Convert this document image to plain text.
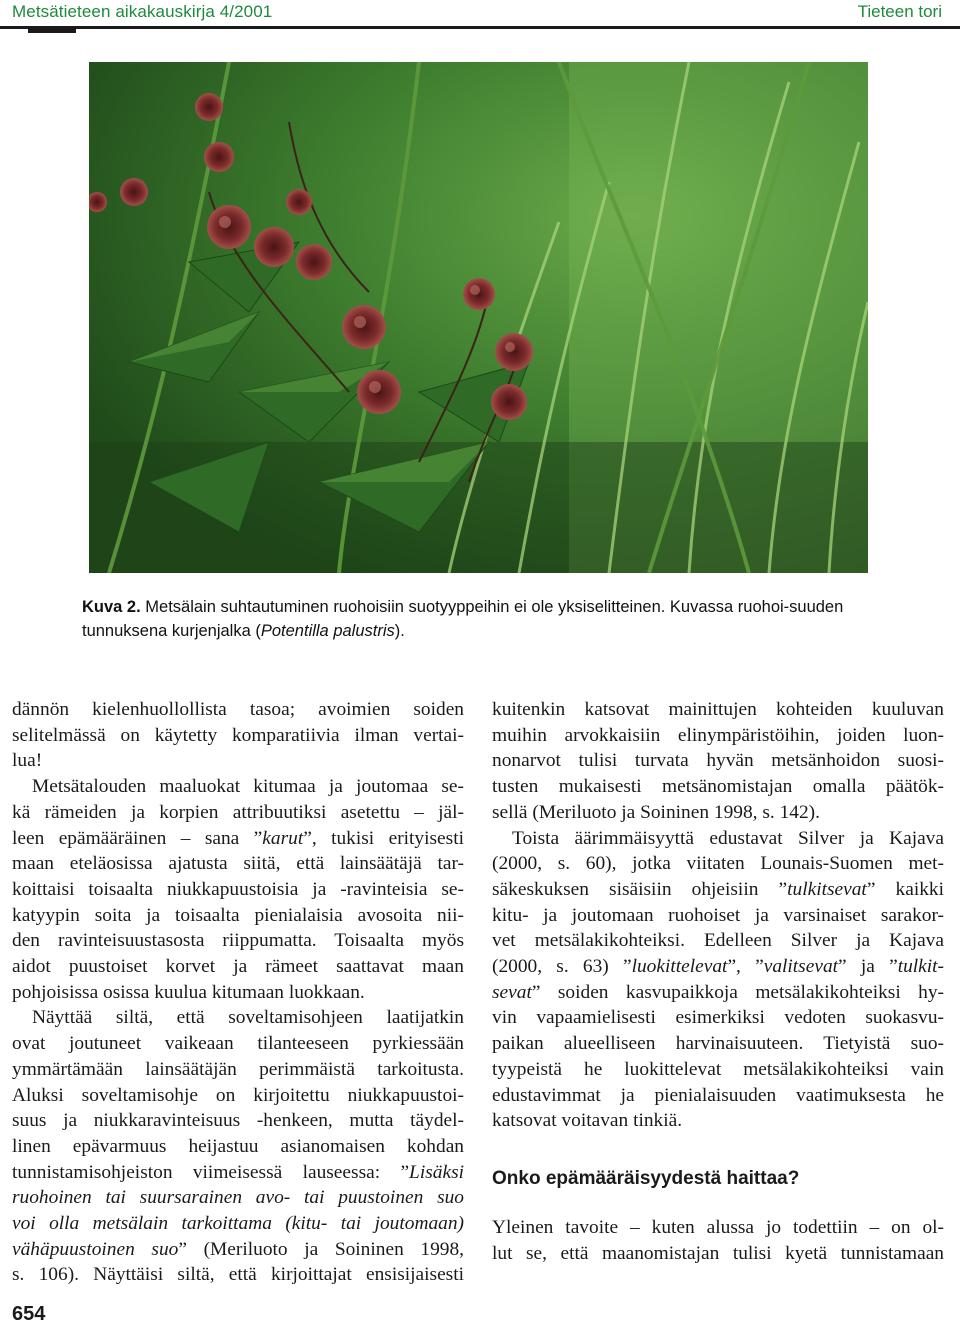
Metsätieteen aikakauskirja 4/2001	Tieteen tori
Kuva 2. Metsälain suhtautuminen ruohoisiin suotyyppeihin ei ole yksiselitteinen. Kuvassa ruohoi-suuden tunnuksena kurjenjalka (Potentilla palustris).
dännön kielenhuollollista tasoa; avoimien soiden
selitelmässä on käytetty komparatiivia ilman vertai-
lua!
Metsätalouden maaluokat kitumaa ja joutomaa se-
kä rämeiden ja korpien attribuutiksi asetettu – jäl-
leen epämääräinen – sana ”karut”, tukisi erityisesti
maan eteläosissa ajatusta siitä, että lainsäätäjä tar-
koittaisi toisaalta niukkapuustoisia ja -ravinteisia se-
katyypin soita ja toisaalta pienialaisia avosoita nii-
den ravinteisuustasosta riippumatta. Toisaalta myös
aidot puustoiset korvet ja rämeet saattavat maan
pohjoisissa osissa kuulua kitumaan luokkaan.
Näyttää siltä, että soveltamisohjeen laatijatkin
ovat joutuneet vaikeaan tilanteeseen pyrkiessään
ymmärtämään lainsäätäjän perimmäistä tarkoitusta.
Aluksi soveltamisohje on kirjoitettu niukkapuustoi-
suus ja niukkaravinteisuus -henkeen, mutta täydel-
linen epävarmuus heijastuu asianomaisen kohdan
tunnistamisohjeiston viimeisessä lauseessa: ”Lisäksi
ruohoinen tai suursarainen avo- tai puustoinen suo
voi olla metsälain tarkoittama (kitu- tai joutomaan)
vähäpuustoinen suo” (Meriluoto ja Soininen 1998,
s. 106). Näyttäisi siltä, että kirjoittajat ensisijaisesti
kuitenkin katsovat mainittujen kohteiden kuuluvan
muihin arvokkaisiin elinympäristöihin, joiden luon-
nonarvot tulisi turvata hyvän metsänhoidon suosi-
tusten mukaisesti metsänomistajan omalla päätök-
sellä (Meriluoto ja Soininen 1998, s. 142).
Toista äärimmäisyyttä edustavat Silver ja Kajava
(2000, s. 60), jotka viitaten Lounais-Suomen met-
säkeskuksen sisäisiin ohjeisiin ”tulkitsevat” kaikki
kitu- ja joutomaan ruohoiset ja varsinaiset sarakor-
vet metsälakikohteiksi. Edelleen Silver ja Kajava
(2000, s. 63) ”luokittelevat”, ”valitsevat” ja ”tulkit-
sevat” soiden kasvupaikkoja metsälakikohteiksi hy-
vin vapaamielisesti esimerkiksi vedoten suokasvu-
paikan alueelliseen harvinaisuuteen. Tietyistä suo-
tyypeistä he luokittelevat metsälakikohteiksi vain
edustavimmat ja pienialaisuuden vaatimuksesta he
katsovat voitavan tinkiä.
Onko epämääräisyydestä haittaa?
Yleinen tavoite – kuten alussa jo todettiin – on ol-
lut se, että maanomistajan tulisi kyetä tunnistamaan
654
